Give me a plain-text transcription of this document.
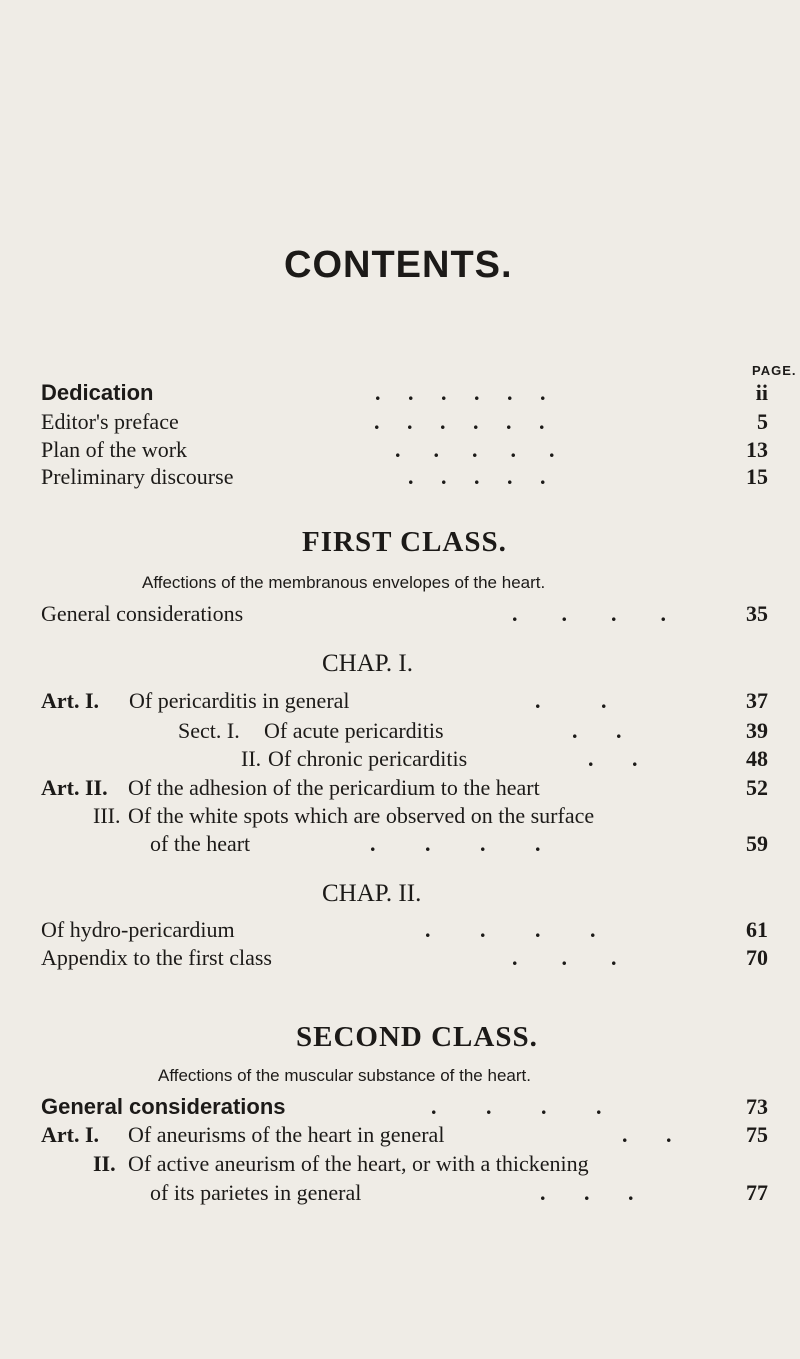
CONTENTS.
PAGE.
Dedication	.     .     .     .     .     .	ii
Editor's preface	.     .     .     .     .     .	5
Plan of the work	.      .      .      .      .	13
Preliminary discourse	.     .     .     .     .	15
FIRST CLASS.
Affections of the membranous envelopes of the heart.
General considerations	.        .        .        .	35
CHAP. I.
Art. I. Of pericarditis in general	.           .	37
Sect. I. Of acute pericarditis	.       .	39
II. Of chronic pericarditis	.       .	48
Art. II. Of the adhesion of the pericardium to the heart	52
III. Of the white spots which are observed on the surface
of the heart	.         .         .         .	59
CHAP. II.
Of hydro-pericardium	.         .         .         .	61
Appendix to the first class	.        .        .	70
SECOND CLASS.
Affections of the muscular substance of the heart.
General considerations	.         .         .         .	73
Art. I. Of aneurisms of the heart in general	.       .	75
II. Of active aneurism of the heart, or with a thickening
of its parietes in general	.       .       .	77
